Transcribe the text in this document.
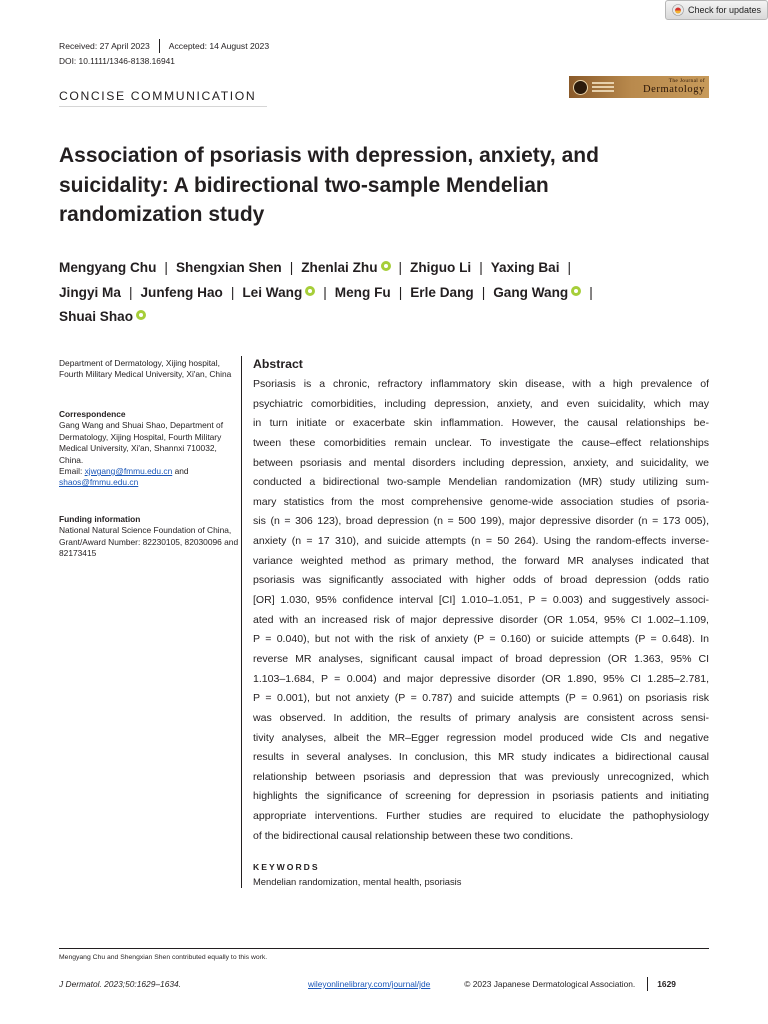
Check for updates
Received: 27 April 2023 Accepted: 14 August 2023
DOI: 10.1111/1346-8138.16941
CONCISE COMMUNICATION
The Journal of
Dermatology
Association of psoriasis with depression, anxiety, and suicidality: A bidirectional two-sample Mendelian randomization study
Mengyang Chu | Shengxian Shen | Zhenlai Zhu | Zhiguo Li | Yaxing Bai |
Jingyi Ma | Junfeng Hao | Lei Wang | Meng Fu | Erle Dang | Gang Wang |
Shuai Shao
Department of Dermatology, Xijing hospital, Fourth Military Medical University, Xi'an, China
Correspondence
Gang Wang and Shuai Shao, Department of Dermatology, Xijing Hospital, Fourth Military Medical University, Xi'an, Shannxi 710032, China.
Email: xjwgang@fmmu.edu.cn and shaos@fmmu.edu.cn
Funding information
National Natural Science Foundation of China, Grant/Award Number: 82230105, 82030096 and 82173415
Abstract
Psoriasis is a chronic, refractory inflammatory skin disease, with a high prevalence of
psychiatric comorbidities, including depression, anxiety, and even suicidality, which may
in turn initiate or exacerbate skin inflammation. However, the causal relationships be-
tween these comorbidities remain unclear. To investigate the cause–effect relationships
between psoriasis and mental disorders including depression, anxiety, and suicidality, we
conducted a bidirectional two-sample Mendelian randomization (MR) study utilizing sum-
mary statistics from the most comprehensive genome-wide association studies of psoria-
sis (n = 306 123), broad depression (n = 500 199), major depressive disorder (n = 173 005),
anxiety (n = 17 310), and suicide attempts (n = 50 264). Using the random-effects inverse-
variance weighted method as primary method, the forward MR analyses indicated that
psoriasis was significantly associated with higher odds of broad depression (odds ratio
[OR] 1.030, 95% confidence interval [CI] 1.010–1.051, P = 0.003) and suggestively associ-
ated with an increased risk of major depressive disorder (OR 1.054, 95% CI 1.002–1.109,
P = 0.040), but not with the risk of anxiety (P = 0.160) or suicide attempts (P = 0.648). In
reverse MR analyses, significant causal impact of broad depression (OR 1.363, 95% CI
1.103–1.684, P = 0.004) and major depressive disorder (OR 1.890, 95% CI 1.285–2.781,
P = 0.001), but not anxiety (P = 0.787) and suicide attempts (P = 0.961) on psoriasis risk
was observed. In addition, the results of primary analysis are consistent across sensi-
tivity analyses, albeit the MR–Egger regression model produced wide CIs and negative
results in several analyses. In conclusion, this MR study indicates a bidirectional causal
relationship between psoriasis and depression that was previously unrecognized, which
highlights the significance of screening for depression in psoriasis patients and initiating
appropriate interventions. Further studies are required to elucidate the pathophysiology
of the bidirectional causal relationship between these two conditions.
KEYWORDS
Mendelian randomization, mental health, psoriasis
Mengyang Chu and Shengxian Shen contributed equally to this work.
J Dermatol. 2023;50:1629–1634.	wileyonlinelibrary.com/journal/jde	© 2023 Japanese Dermatological Association.	1629
